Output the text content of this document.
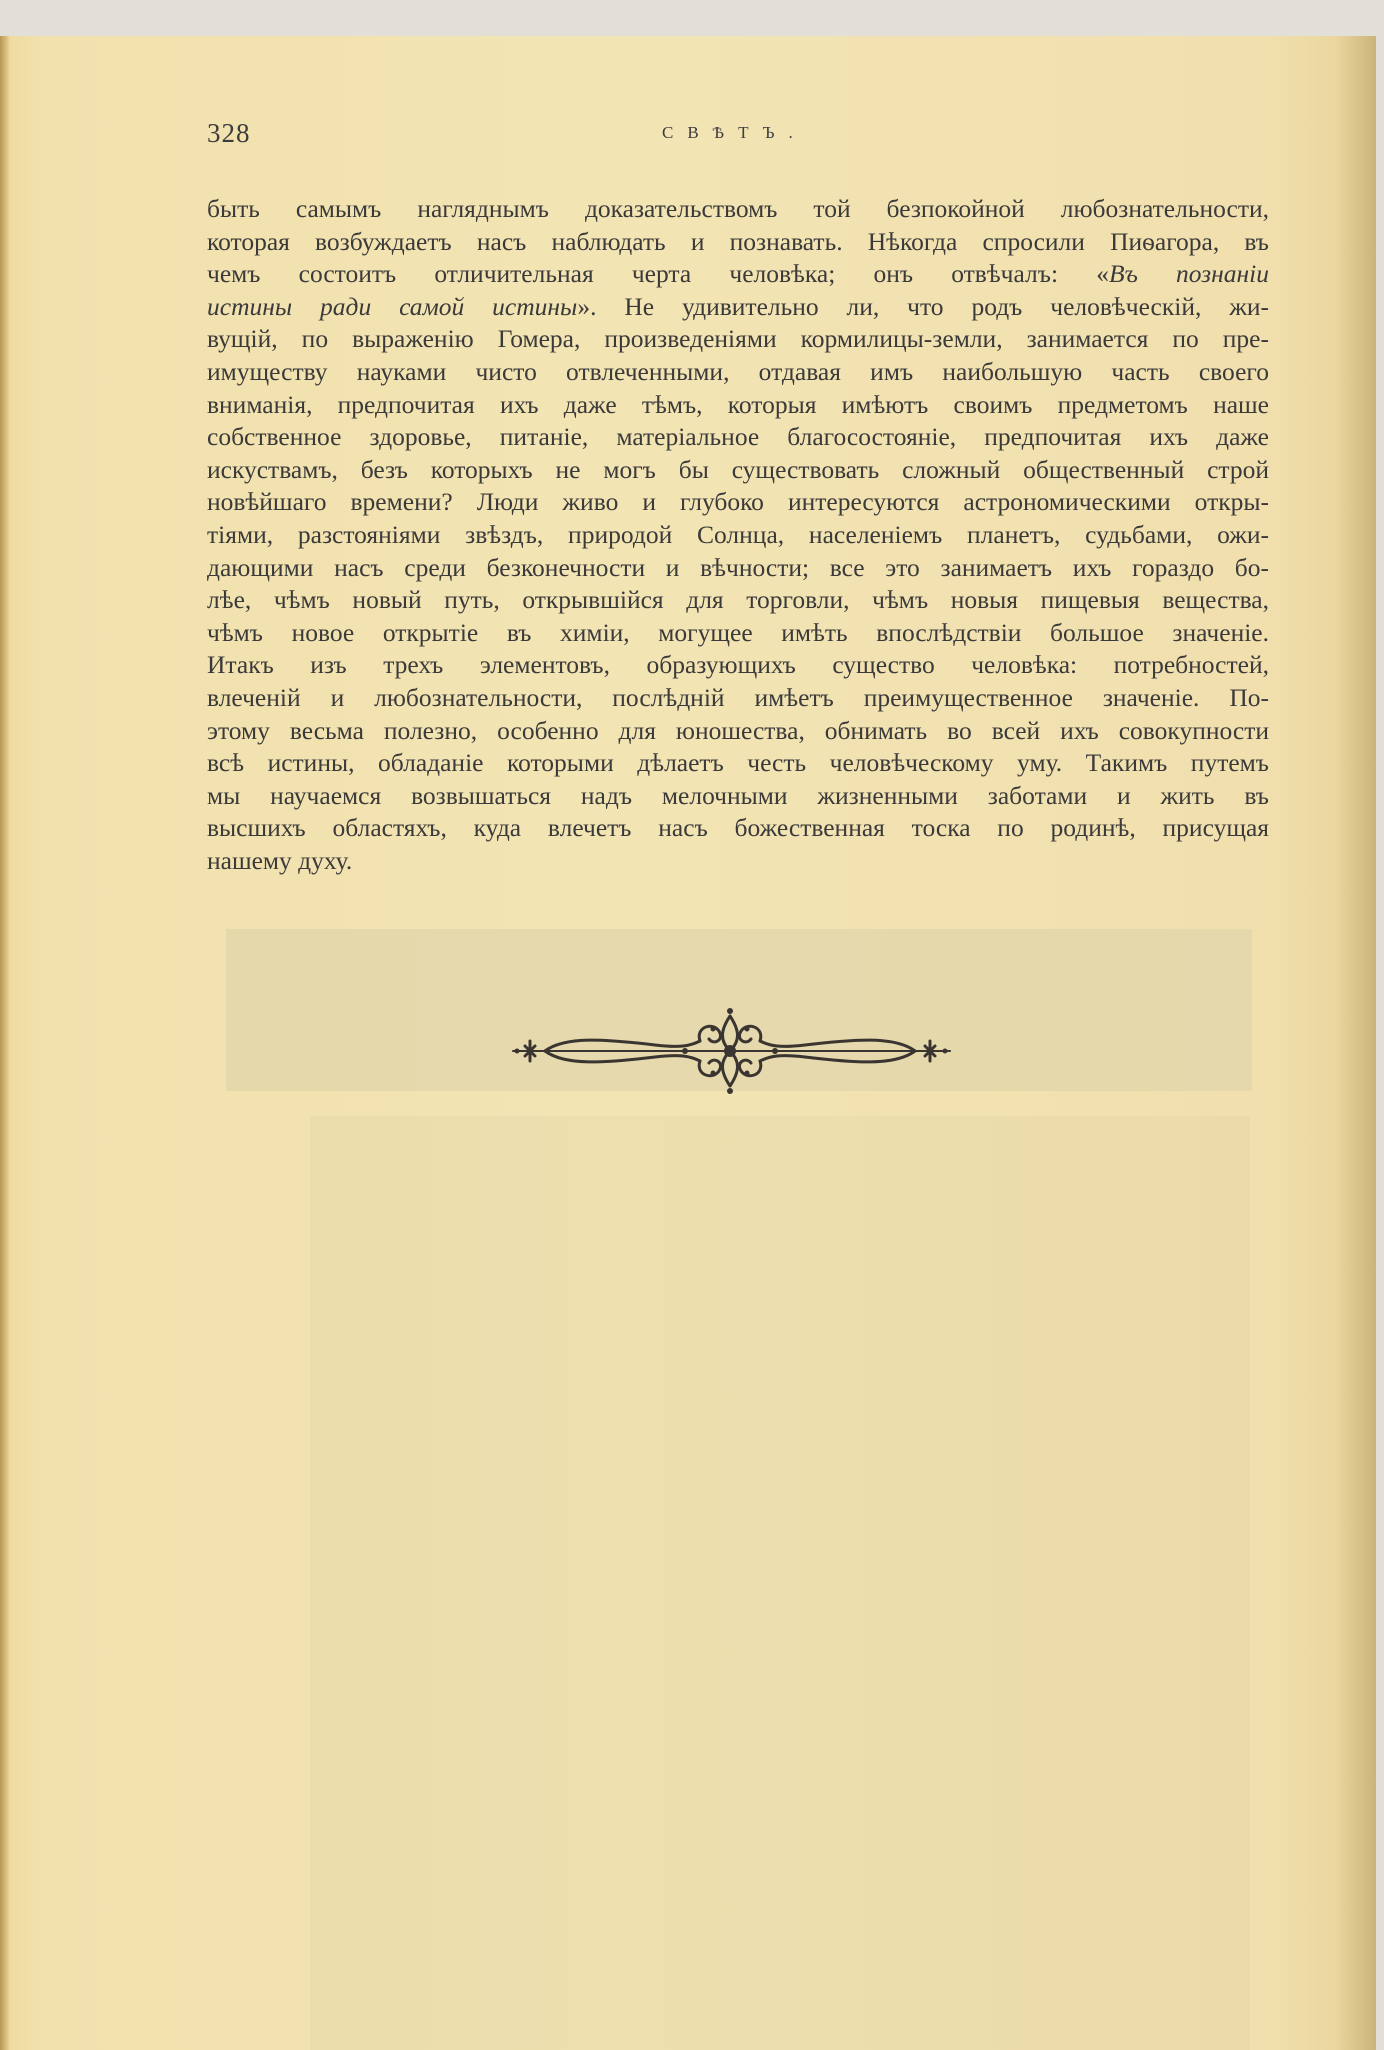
328	СВѢТЪ.
быть самымъ нагляднымъ доказательствомъ той безпокойной любознательности,
которая возбуждаетъ насъ наблюдать и познавать. Нѣкогда спросили Пиѳагора, въ
чемъ состоитъ отличительная черта человѣка; онъ отвѣчалъ: «Въ познаніи
истины ради самой истины». Не удивительно ли, что родъ человѣческій, жи-
вущій, по выраженію Гомера, произведеніями кормилицы-земли, занимается по пре-
имуществу науками чисто отвлеченными, отдавая имъ наибольшую часть своего
вниманія, предпочитая ихъ даже тѣмъ, которыя имѣютъ своимъ предметомъ наше
собственное здоровье, питаніе, матеріальное благосостояніе, предпочитая ихъ даже
искуствамъ, безъ которыхъ не могъ бы существовать сложный общественный строй
новѣйшаго времени? Люди живо и глубоко интересуются астрономическими откры-
тіями, разстояніями звѣздъ, природой Солнца, населеніемъ планетъ, судьбами, ожи-
дающими насъ среди безконечности и вѣчности; все это занимаетъ ихъ гораздо бо-
лѣе, чѣмъ новый путь, открывшійся для торговли, чѣмъ новыя пищевыя вещества,
чѣмъ новое открытіе въ химіи, могущее имѣть впослѣдствіи большое значеніе.
Итакъ изъ трехъ элементовъ, образующихъ существо человѣка: потребностей,
влеченій и любознательности, послѣдній имѣетъ преимущественное значеніе. По-
этому весьма полезно, особенно для юношества, обнимать во всей ихъ совокупности
всѣ истины, обладаніе которыми дѣлаетъ честь человѣческому уму. Такимъ путемъ
мы научаемся возвышаться надъ мелочными жизненными заботами и жить въ
высшихъ областяхъ, куда влечетъ насъ божественная тоска по родинѣ, присущая
нашему духу.
